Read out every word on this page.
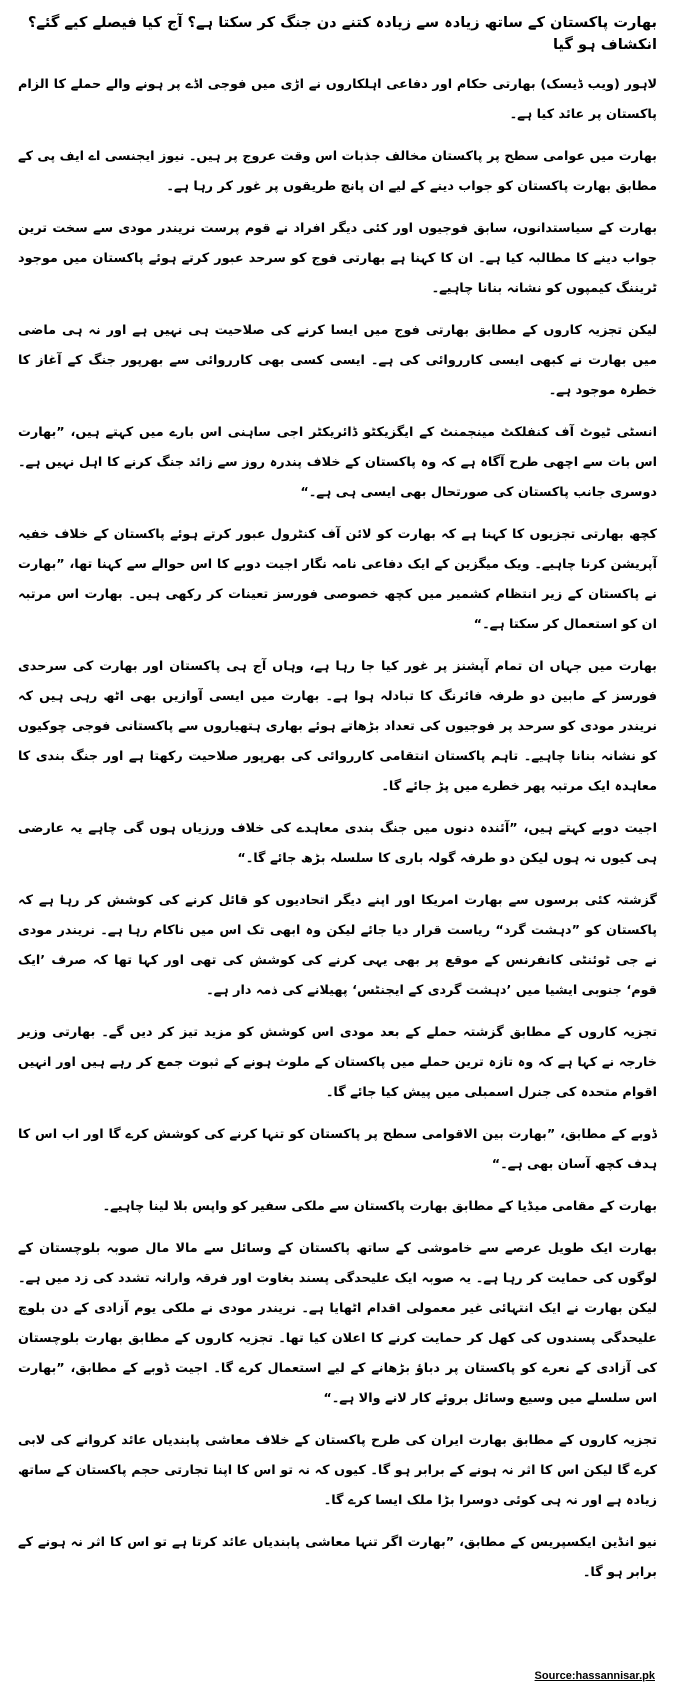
بھارت پاکستان کے ساتھ زیادہ سے زیادہ کتنے دن جنگ کر سکتا ہے؟ آج کیا فیصلے کیے گئے؟ انکشاف ہو گیا

لاہور (ویب ڈیسک) بھارتی حکام اور دفاعی اہلکاروں نے اڑی میں فوجی اڈے پر ہونے والے حملے کا الزام پاکستان پر عائد کیا ہے۔

بھارت میں عوامی سطح پر پاکستان مخالف جذبات اس وقت عروج پر ہیں۔ نیوز ایجنسی اے ایف پی کے مطابق بھارت پاکستان کو جواب دینے کے لیے ان پانچ طریقوں پر غور کر رہا ہے۔

بھارت کے سیاستدانوں، سابق فوجیوں اور کئی دیگر افراد نے قوم پرست نریندر مودی سے سخت ترین جواب دینے کا مطالبہ کیا ہے۔ ان کا کہنا ہے بھارتی فوج کو سرحد عبور کرتے ہوئے پاکستان میں موجود ٹریننگ کیمپوں کو نشانہ بنانا چاہیے۔

لیکن تجزیہ کاروں کے مطابق بھارتی فوج میں ایسا کرنے کی صلاحیت ہی نہیں ہے اور نہ ہی ماضی میں بھارت نے کبھی ایسی کارروائی کی ہے۔ ایسی کسی بھی کارروائی سے بھرپور جنگ کے آغاز کا خطرہ موجود ہے۔

انسٹی ٹیوٹ آف کنفلکٹ مینجمنٹ کے ایگزیکٹو ڈائریکٹر اجی ساہنی اس بارے میں کہتے ہیں، ”بھارت اس بات سے اچھی طرح آگاہ ہے کہ وہ پاکستان کے خلاف پندرہ روز سے زائد جنگ کرنے کا اہل نہیں ہے۔ دوسری جانب پاکستان کی صورتحال بھی ایسی ہی ہے۔“

کچھ بھارتی تجزیوں کا کہنا ہے کہ بھارت کو لائن آف کنٹرول عبور کرتے ہوئے پاکستان کے خلاف خفیہ آپریشن کرنا چاہیے۔ ویک میگزین کے ایک دفاعی نامہ نگار اجیت دوبے کا اس حوالے سے کہنا تھا، ”بھارت نے پاکستان کے زیر انتظام کشمیر میں کچھ خصوصی فورسز تعینات کر رکھی ہیں۔ بھارت اس مرتبہ ان کو استعمال کر سکتا ہے۔“

بھارت میں جہاں ان تمام آپشنز پر غور کیا جا رہا ہے، وہاں آج ہی پاکستان اور بھارت کی سرحدی فورسز کے مابین دو طرفہ فائرنگ کا تبادلہ ہوا ہے۔ بھارت میں ایسی آوازیں بھی اٹھ رہی ہیں کہ نریندر مودی کو سرحد پر فوجیوں کی تعداد بڑھاتے ہوئے بھاری ہتھیاروں سے پاکستانی فوجی چوکیوں کو نشانہ بنانا چاہیے۔ تاہم پاکستان انتقامی کارروائی کی بھرپور صلاحیت رکھتا ہے اور جنگ بندی کا معاہدہ ایک مرتبہ پھر خطرے میں پڑ جائے گا۔

اجیت دوبے کہتے ہیں، ”آئندہ دنوں میں جنگ بندی معاہدے کی خلاف ورزیاں ہوں گی چاہے یہ عارضی ہی کیوں نہ ہوں لیکن دو طرفہ گولہ باری کا سلسلہ بڑھ جائے گا۔“

گزشتہ کئی برسوں سے بھارت امریکا اور اپنے دیگر اتحادیوں کو قائل کرنے کی کوشش کر رہا ہے کہ پاکستان کو ”دہشت گرد“ ریاست قرار دیا جائے لیکن وہ ابھی تک اس میں ناکام رہا ہے۔ نریندر مودی نے جی ٹوئنٹی کانفرنس کے موقع پر بھی یہی کرنے کی کوشش کی تھی اور کہا تھا کہ صرف ’ایک قوم‘ جنوبی ایشیا میں ’دہشت گردی کے ایجنٹس‘ پھیلانے کی ذمہ دار ہے۔

تجزیہ کاروں کے مطابق گزشتہ حملے کے بعد مودی اس کوشش کو مزید تیز کر دیں گے۔ بھارتی وزیر خارجہ نے کہا ہے کہ وہ تازہ ترین حملے میں پاکستان کے ملوث ہونے کے ثبوت جمع کر رہے ہیں اور انہیں اقوام متحدہ کی جنرل اسمبلی میں پیش کیا جائے گا۔

ڈوبے کے مطابق، ”بھارت بین الاقوامی سطح پر پاکستان کو تنہا کرنے کی کوشش کرے گا اور اب اس کا ہدف کچھ آسان بھی ہے۔“

بھارت کے مقامی میڈیا کے مطابق بھارت پاکستان سے ملکی سفیر کو واپس بلا لینا چاہیے۔

بھارت ایک طویل عرصے سے خاموشی کے ساتھ پاکستان کے وسائل سے مالا مال صوبہ بلوچستان کے لوگوں کی حمایت کر رہا ہے۔ یہ صوبہ ایک علیحدگی پسند بغاوت اور فرقہ وارانہ تشدد کی زد میں ہے۔ لیکن بھارت نے ایک انتہائی غیر معمولی اقدام اٹھایا ہے۔ نریندر مودی نے ملکی یوم آزادی کے دن بلوچ علیحدگی پسندوں کی کھل کر حمایت کرنے کا اعلان کیا تھا۔ تجزیہ کاروں کے مطابق بھارت بلوچستان کی آزادی کے نعرے کو پاکستان پر دباؤ بڑھانے کے لیے استعمال کرے گا۔ اجیت ڈوبے کے مطابق، ”بھارت اس سلسلے میں وسیع وسائل بروئے کار لانے والا ہے۔“

تجزیہ کاروں کے مطابق بھارت ایران کی طرح پاکستان کے خلاف معاشی پابندیاں عائد کروانے کی لابی کرے گا لیکن اس کا اثر نہ ہونے کے برابر ہو گا۔ کیوں کہ نہ تو اس کا اپنا تجارتی حجم پاکستان کے ساتھ زیادہ ہے اور نہ ہی کوئی دوسرا بڑا ملک ایسا کرے گا۔

نیو انڈین ایکسپریس کے مطابق، ”بھارت اگر تنہا معاشی پابندیاں عائد کرتا ہے تو اس کا اثر نہ ہونے کے برابر ہو گا۔

Source:hassannisar.pk
